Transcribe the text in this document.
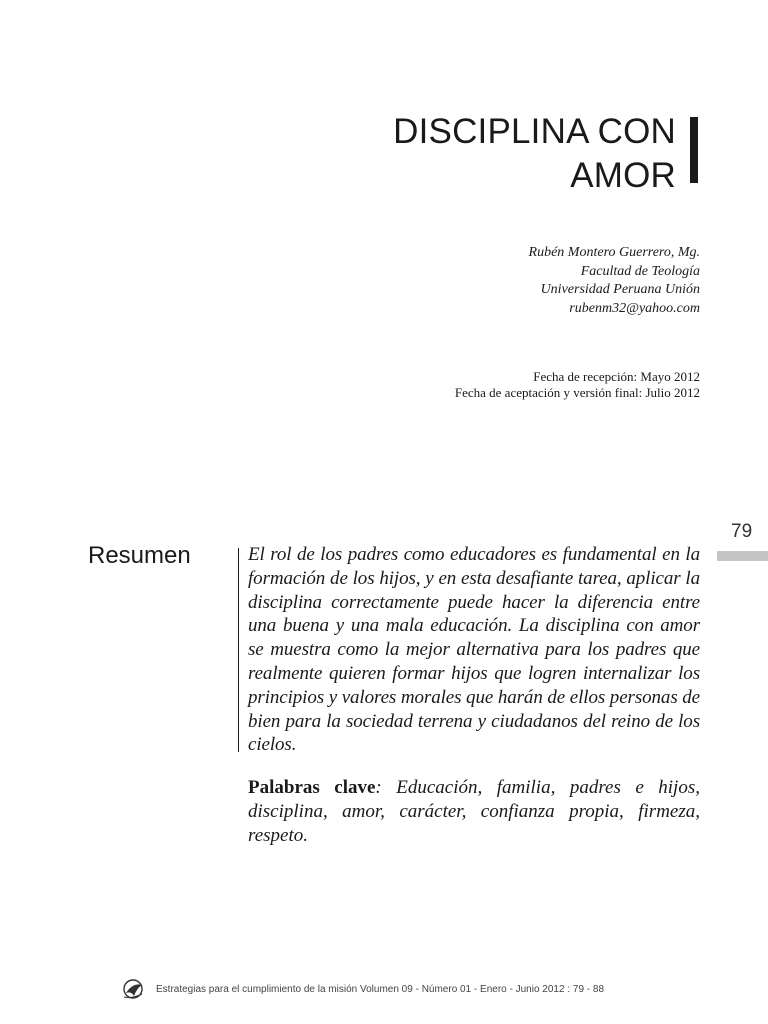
DISCIPLINA CON
AMOR
Rubén Montero Guerrero, Mg.
Facultad de Teología
Universidad Peruana Unión
rubenm32@yahoo.com
Fecha de recepción: Mayo 2012
Fecha de aceptación y versión final: Julio 2012
79
Resumen	El rol de los padres como educadores es fundamental en la formación de los hijos, y en esta desafiante tarea, aplicar la disciplina correctamente puede hacer la diferencia entre una buena y una mala educación. La disciplina con amor se muestra como la mejor alternativa para los padres que realmente quieren formar hijos que logren internalizar los principios y valores morales que harán de ellos personas de bien para la sociedad terrena y ciudadanos del reino de los cielos.

Palabras clave: Educación, familia, padres e hijos, disciplina, amor, carácter, confianza propia, firmeza, respeto.

Estrategias para el cumplimiento de la misión Volumen 09 - Número 01 - Enero - Junio 2012 : 79 - 88
